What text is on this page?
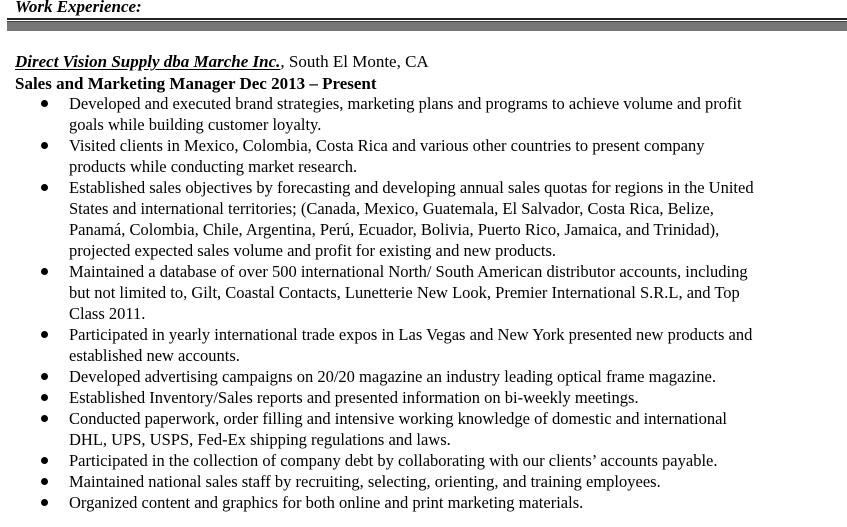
Work Experience:
Direct Vision Supply dba Marche Inc., South El Monte, CA
Sales and Marketing Manager Dec 2013 – Present
Developed and executed brand strategies, marketing plans and programs to achieve volume and profit
goals while building customer loyalty.
Visited clients in Mexico, Colombia, Costa Rica and various other countries to present company
products while conducting market research.
Established sales objectives by forecasting and developing annual sales quotas for regions in the United
States and international territories; (Canada, Mexico, Guatemala, El Salvador, Costa Rica, Belize,
Panamá, Colombia, Chile, Argentina, Perú, Ecuador, Bolivia, Puerto Rico, Jamaica, and Trinidad),
projected expected sales volume and profit for existing and new products.
Maintained a database of over 500 international North/ South American distributor accounts, including
but not limited to, Gilt, Coastal Contacts, Lunetterie New Look, Premier International S.R.L, and Top
Class 2011.
Participated in yearly international trade expos in Las Vegas and New York presented new products and
established new accounts.
Developed advertising campaigns on 20/20 magazine an industry leading optical frame magazine.
Established Inventory/Sales reports and presented information on bi-weekly meetings.
Conducted paperwork, order filling and intensive working knowledge of domestic and international
DHL, UPS, USPS, Fed-Ex shipping regulations and laws.
Participated in the collection of company debt by collaborating with our clients’ accounts payable.
Maintained national sales staff by recruiting, selecting, orienting, and training employees.
Organized content and graphics for both online and print marketing materials.
